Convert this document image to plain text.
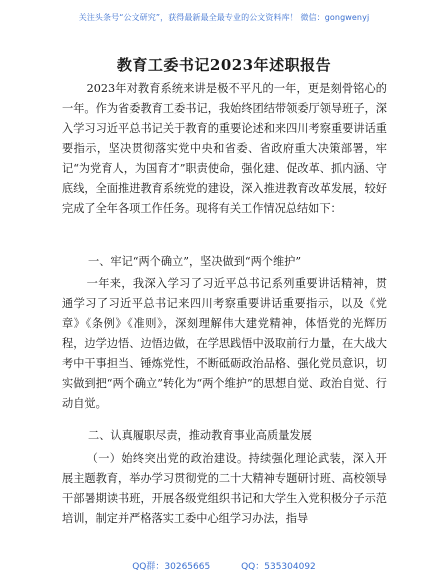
关注头条号“公文研究”，获得最新最全最专业的公文资料库！ 微信：gongwenyj
教育工委书记2023年述职报告

2023年对教育系统来讲是极不平凡的一年，更是刻骨铭心的一年。作为省委教育工委书记，我始终团结带领委厅领导班子，深入学习习近平总书记关于教育的重要论述和来四川考察重要讲话重要指示，坚决贯彻落实党中央和省委、省政府重大决策部署，牢记“为党育人，为国育才”职责使命，强化建、促改革、抓内涵、守底线，全面推进教育系统党的建设，深入推进教育改革发展，较好完成了全年各项工作任务。现将有关工作情况总结如下：

一、牢记“两个确立”，坚决做到“两个维护”

一年来，我深入学习了习近平总书记系列重要讲话精神，贯通学习了习近平总书记来四川考察重要讲话重要指示，以及《党章》《条例》《准则》，深刻理解伟大建党精神，体悟党的光辉历程，边学边悟、边悟边做，在学思践悟中汲取前行力量，在大战大考中干事担当、锤炼党性，不断砥砺政治品格、强化党员意识，切实做到把“两个确立”转化为“两个维护”的思想自觉、政治自觉、行动自觉。

二、认真履职尽责，推动教育事业高质量发展

（一）始终突出党的政治建设。持续强化理论武装，深入开展主题教育，举办学习贯彻党的二十大精神专题研讨班、高校领导干部暑期读书班，开展各级党组织书记和大学生入党积极分子示范培训，制定并严格落实工委中心组学习办法，指导

QQ群：30265665	QQ：535304092
